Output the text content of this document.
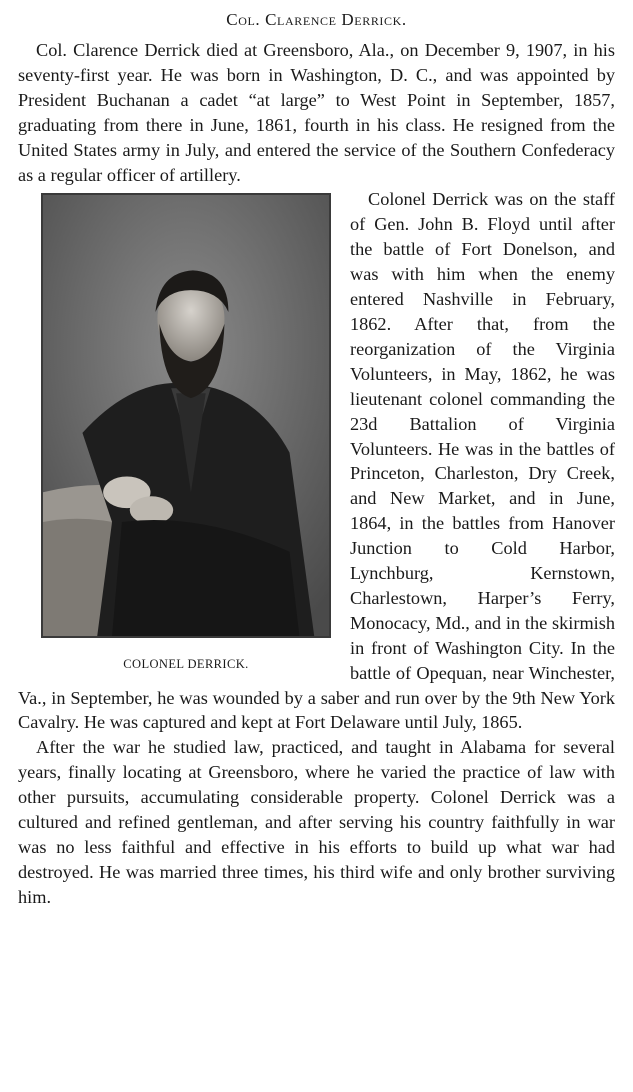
Col. Clarence Derrick.

Col. Clarence Derrick died at Greensboro, Ala., on December 9, 1907, in his seventy-first year. He was born in Washington, D. C., and was appointed by President Buchanan a cadet “at large” to West Point in September, 1857, graduating from there in June, 1861, fourth in his class. He resigned from the United States army in July, and entered the service of the Southern Confederacy as a regular officer of artillery.

COLONEL DERRICK.

Colonel Derrick was on the staff of Gen. John B. Floyd until after the battle of Fort Donelson, and was with him when the enemy entered Nashville in February, 1862. After that, from the reorganization of the Virginia Volunteers, in May, 1862, he was lieutenant colonel commanding the 23d Battalion of Virginia Volunteers. He was in the battles of Princeton, Charleston, Dry Creek, and New Market, and in June, 1864, in the battles from Hanover Junction to Cold Harbor, Lynchburg, Kernstown, Charlestown, Harper’s Ferry, Monocacy, Md., and in the skirmish in front of Washington City. In the battle of Opequan, near Winchester, Va., in September, he was wounded by a saber and run over by the 9th New York Cavalry. He was captured and kept at Fort Delaware until July, 1865.

After the war he studied law, practiced, and taught in Alabama for several years, finally locating at Greensboro, where he varied the practice of law with other pursuits, accumulating considerable property. Colonel Derrick was a cultured and refined gentleman, and after serving his country faithfully in war was no less faithful and effective in his efforts to build up what war had destroyed. He was married three times, his third wife and only brother surviving him.
